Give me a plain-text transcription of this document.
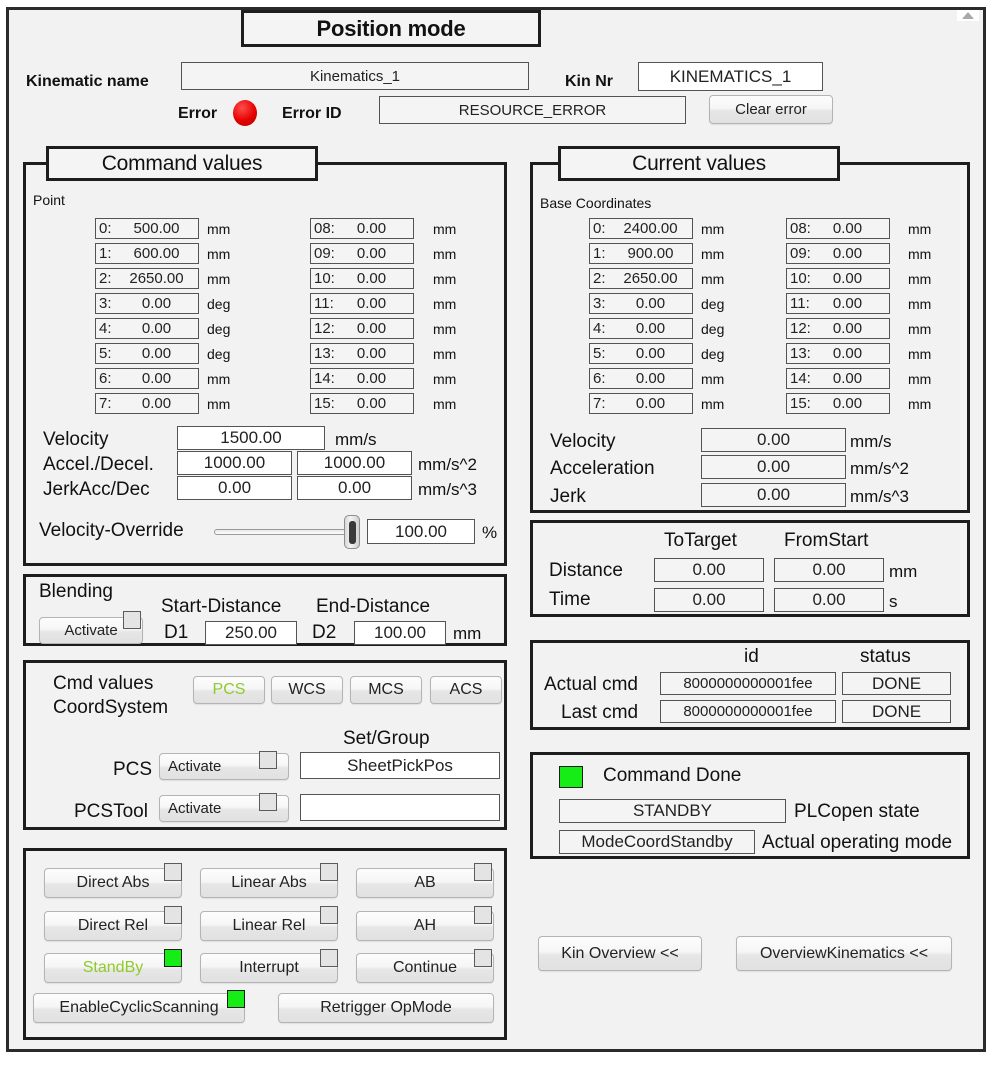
Position mode
Kinematic name	Kinematics_1	Kin Nr	KINEMATICS_1
Error	Error ID	RESOURCE_ERROR	Clear error
Command values
Point
0:	500.00	mm
1:	600.00	mm
2:	2650.00	mm
3:	0.00	deg
4:	0.00	deg
5:	0.00	deg
6:	0.00	mm
7:	0.00	mm
08:	0.00	mm
09:	0.00	mm
10:	0.00	mm
11:	0.00	mm
12:	0.00	mm
13:	0.00	mm
14:	0.00	mm
15:	0.00	mm
Velocity	1500.00	mm/s
Accel./Decel.	1000.00	1000.00	mm/s^2
JerkAcc/Dec	0.00	0.00	mm/s^3
Velocity-Override	100.00	%
Blending
Activate
Start-Distance End-Distance
D1	250.00	D2	100.00	mm
Cmd values
CoordSystem
PCS	WCS	MCS	ACS
Set/Group
PCS	Activate	SheetPickPos
PCSTool	Activate
Direct Abs	Linear Abs	AB
Direct Rel	Linear Rel	AH
StandBy	Interrupt	Continue
EnableCyclicScanning	Retrigger OpMode
Current values
Base Coordinates
0:	2400.00	mm
1:	900.00	mm
2:	2650.00	mm
3:	0.00	deg
4:	0.00	deg
5:	0.00	deg
6:	0.00	mm
7:	0.00	mm
08:	0.00	mm
09:	0.00	mm
10:	0.00	mm
11:	0.00	mm
12:	0.00	mm
13:	0.00	mm
14:	0.00	mm
15:	0.00	mm
Velocity	0.00	mm/s
Acceleration	0.00	mm/s^2
Jerk	0.00	mm/s^3
ToTarget FromStart
Distance	0.00	0.00	mm
Time	0.00	0.00	s
id	status
Actual cmd	8000000000001fee	DONE
Last cmd	8000000000001fee	DONE
Command Done
STANDBY	PLCopen state
ModeCoordStandby	Actual operating mode
Kin Overview <<	OverviewKinematics <<
